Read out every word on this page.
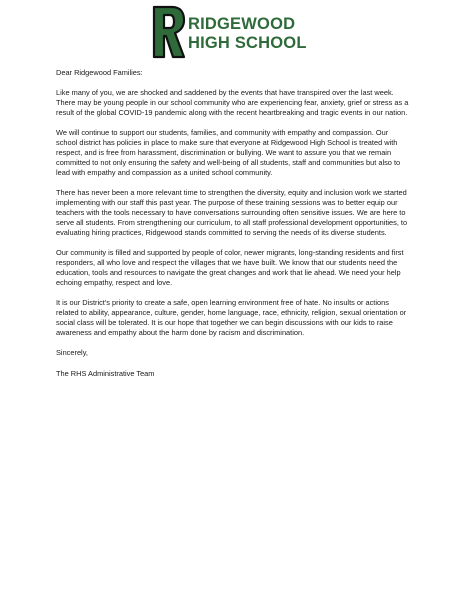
RIDGEWOOD
HIGH SCHOOL

Dear Ridgewood Families:

Like many of you, we are shocked and saddened by the events that have transpired over the last week. There may be young people in our school community who are experiencing fear, anxiety, grief or stress as a result of the global COVID-19 pandemic along with the recent heartbreaking and tragic events in our nation.

We will continue to support our students, families, and community with empathy and compassion. Our school district has policies in place to make sure that everyone at Ridgewood High School is treated with respect, and is free from harassment, discrimination or bullying. We want to assure you that we remain committed to not only ensuring the safety and well-being of all students, staff and communities but also to lead with empathy and compassion as a united school community.

There has never been a more relevant time to strengthen the diversity, equity and inclusion work we started implementing with our staff this past year. The purpose of these training sessions was to better equip our teachers with the tools necessary to have conversations surrounding often sensitive issues. We are here to serve all students. From strengthening our curriculum, to all staff professional development opportunities, to evaluating hiring practices, Ridgewood stands committed to serving the needs of its diverse students.

Our community is filled and supported by people of color, newer migrants, long-standing residents and first responders, all who love and respect the villages that we have built. We know that our students need the education, tools and resources to navigate the great changes and work that lie ahead. We need your help echoing empathy, respect and love.

It is our District's priority to create a safe, open learning environment free of hate. No insults or actions related to ability, appearance, culture, gender, home language, race, ethnicity, religion, sexual orientation or social class will be tolerated. It is our hope that together we can begin discussions with our kids to raise awareness and empathy about the harm done by racism and discrimination.

Sincerely,

The RHS Administrative Team
